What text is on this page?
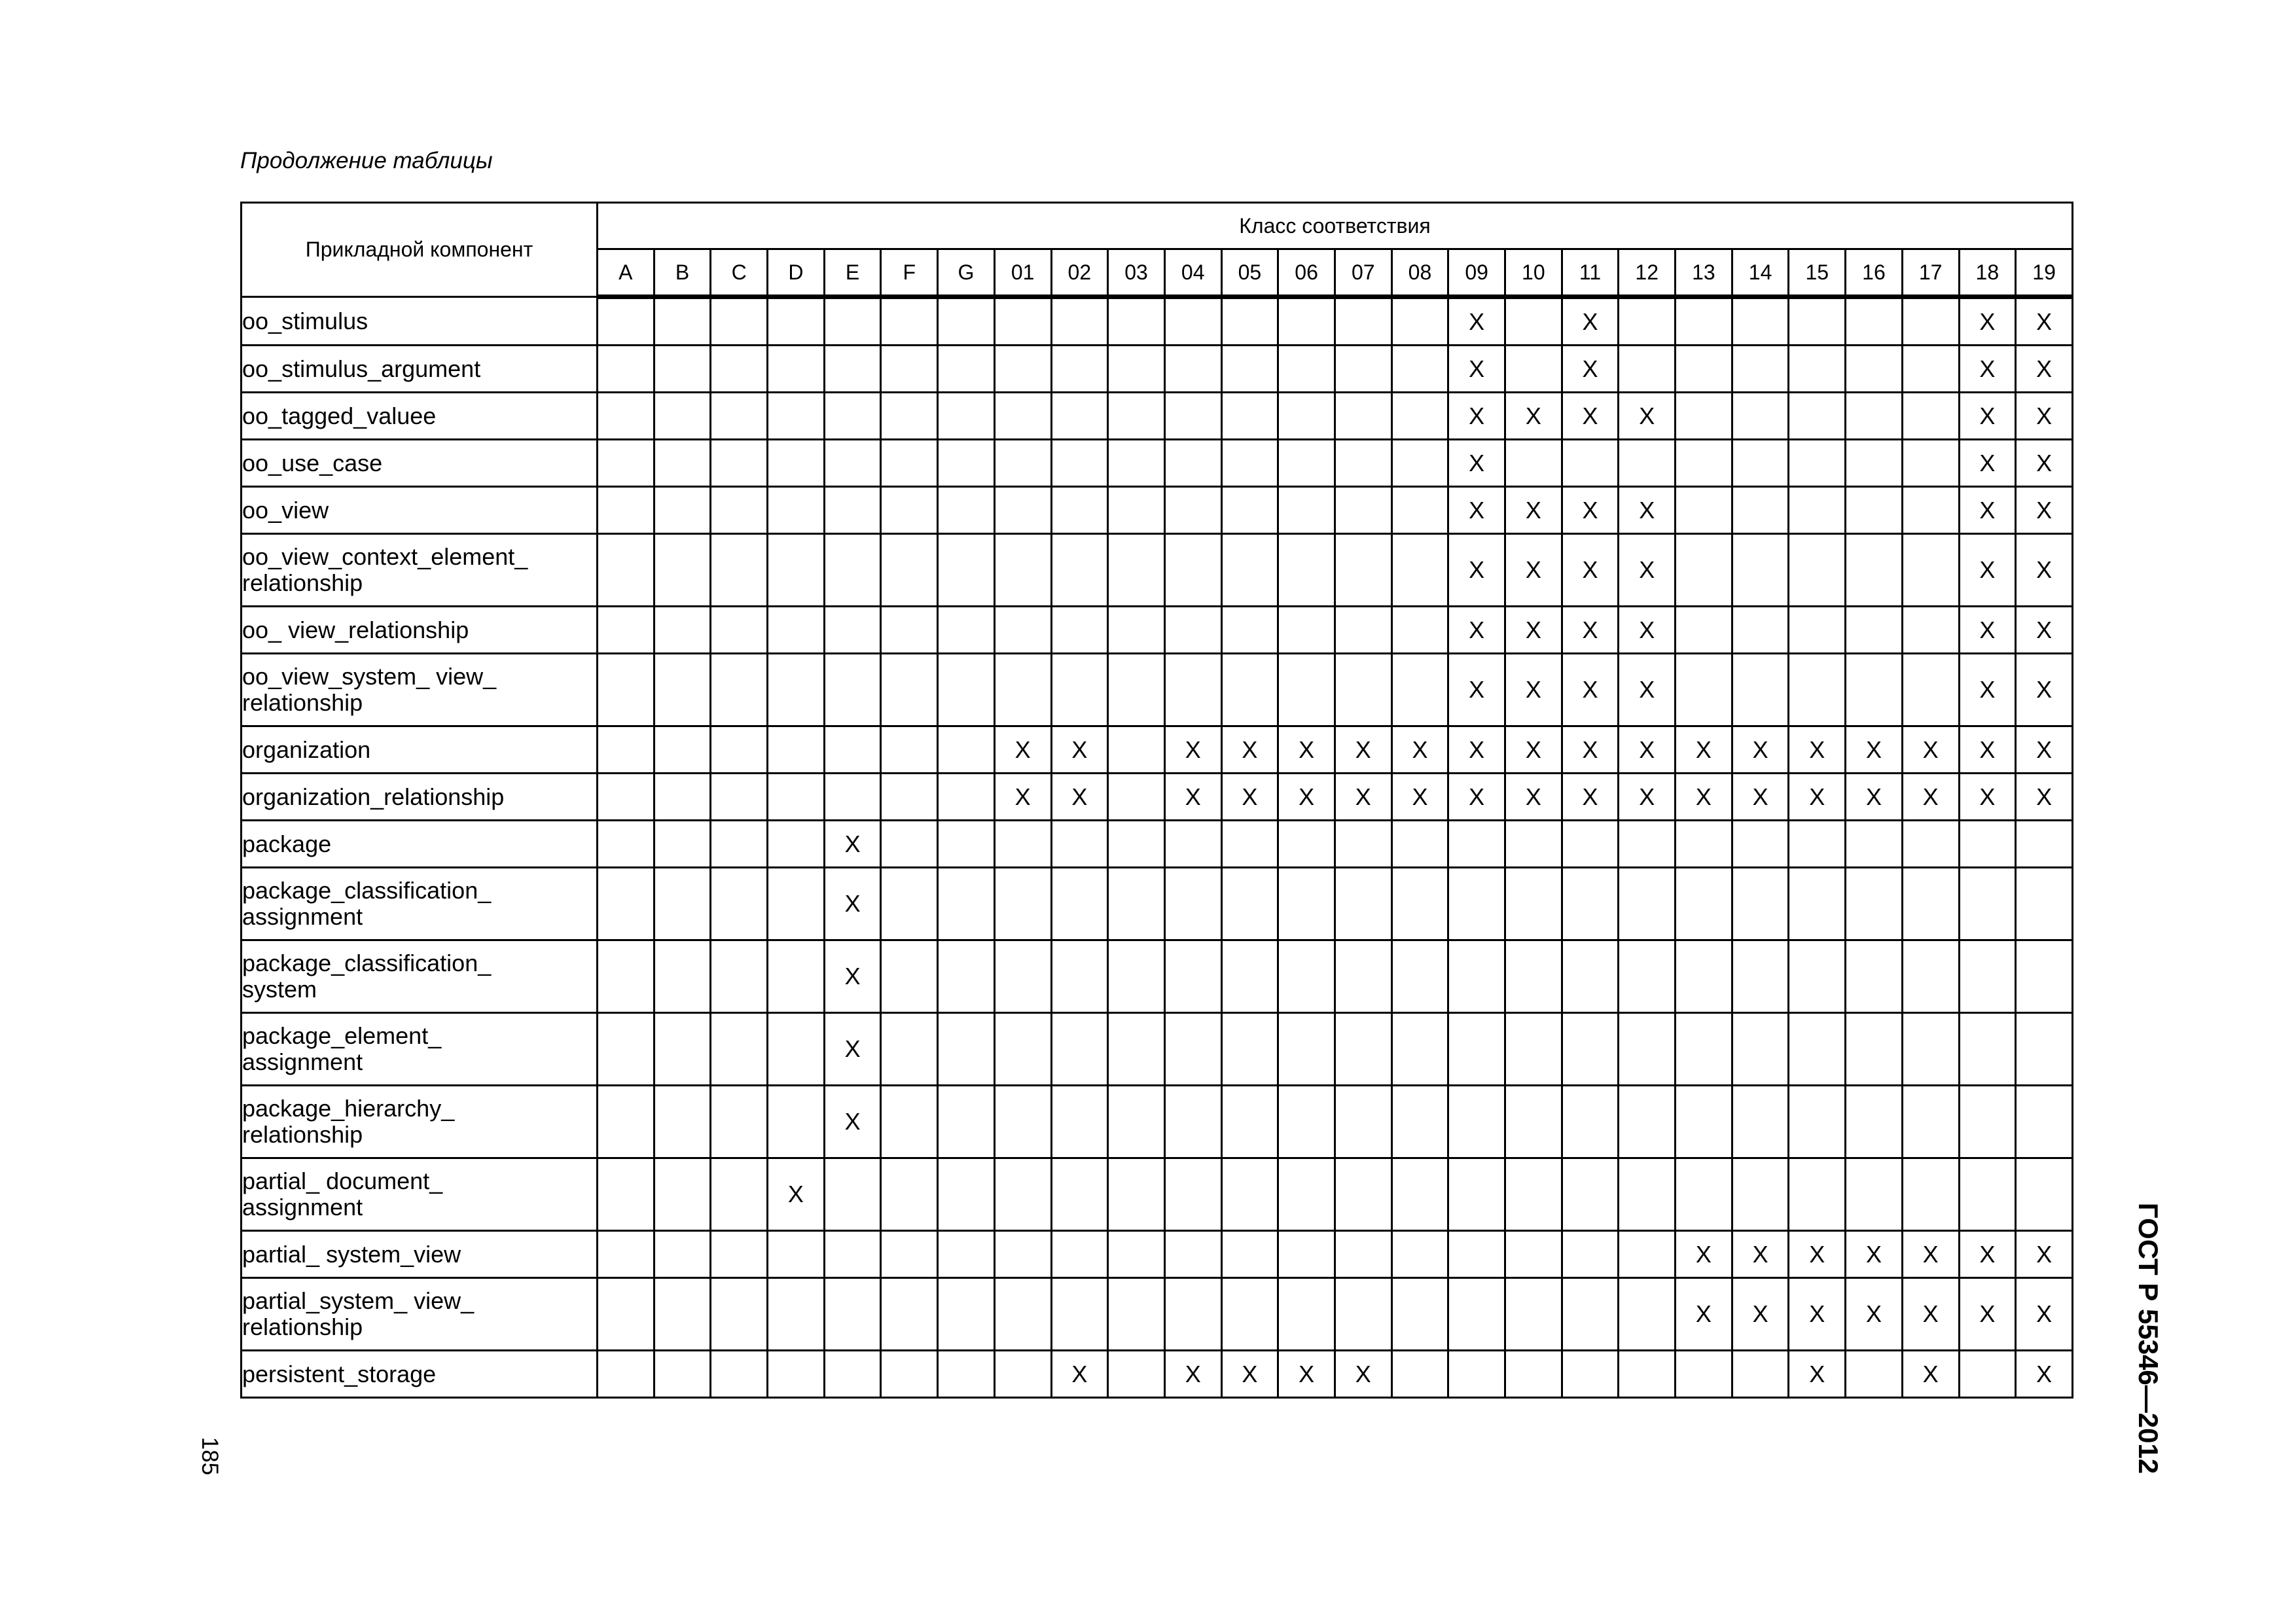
Продолжение таблицы
Прикладной компонент	Класс соответствия																									
	A	B	C	D	E	F	G	01	02	03	04	05	06	07	08	09	10	11	12	13	14	15	16	17	18	19
oo_stimulus																X		X							X	X
oo_stimulus_argument																X		X							X	X
oo_tagged_valuee																X	X	X	X						X	X
oo_use_case																X									X	X
oo_view																X	X	X	X						X	X
oo_view_context_element_
relationship																X	X	X	X						X	X
oo_ view_relationship																X	X	X	X						X	X
oo_view_system_ view_
relationship																X	X	X	X						X	X
organization								X	X		X	X	X	X	X	X	X	X	X	X	X	X	X	X	X	X
organization_relationship								X	X		X	X	X	X	X	X	X	X	X	X	X	X	X	X	X	X
package					X																					
package_classification_
assignment					X																					
package_classification_
system					X																					
package_element_
assignment					X																					
package_hierarchy_
relationship					X																					
partial_ document_
assignment				X																						
partial_ system_view																				X	X	X	X	X	X	X
partial_system_ view_
relationship																				X	X	X	X	X	X	X
persistent_storage									X		X	X	X	X								X		X		X	ГОСТ Р 55346—2012
185
